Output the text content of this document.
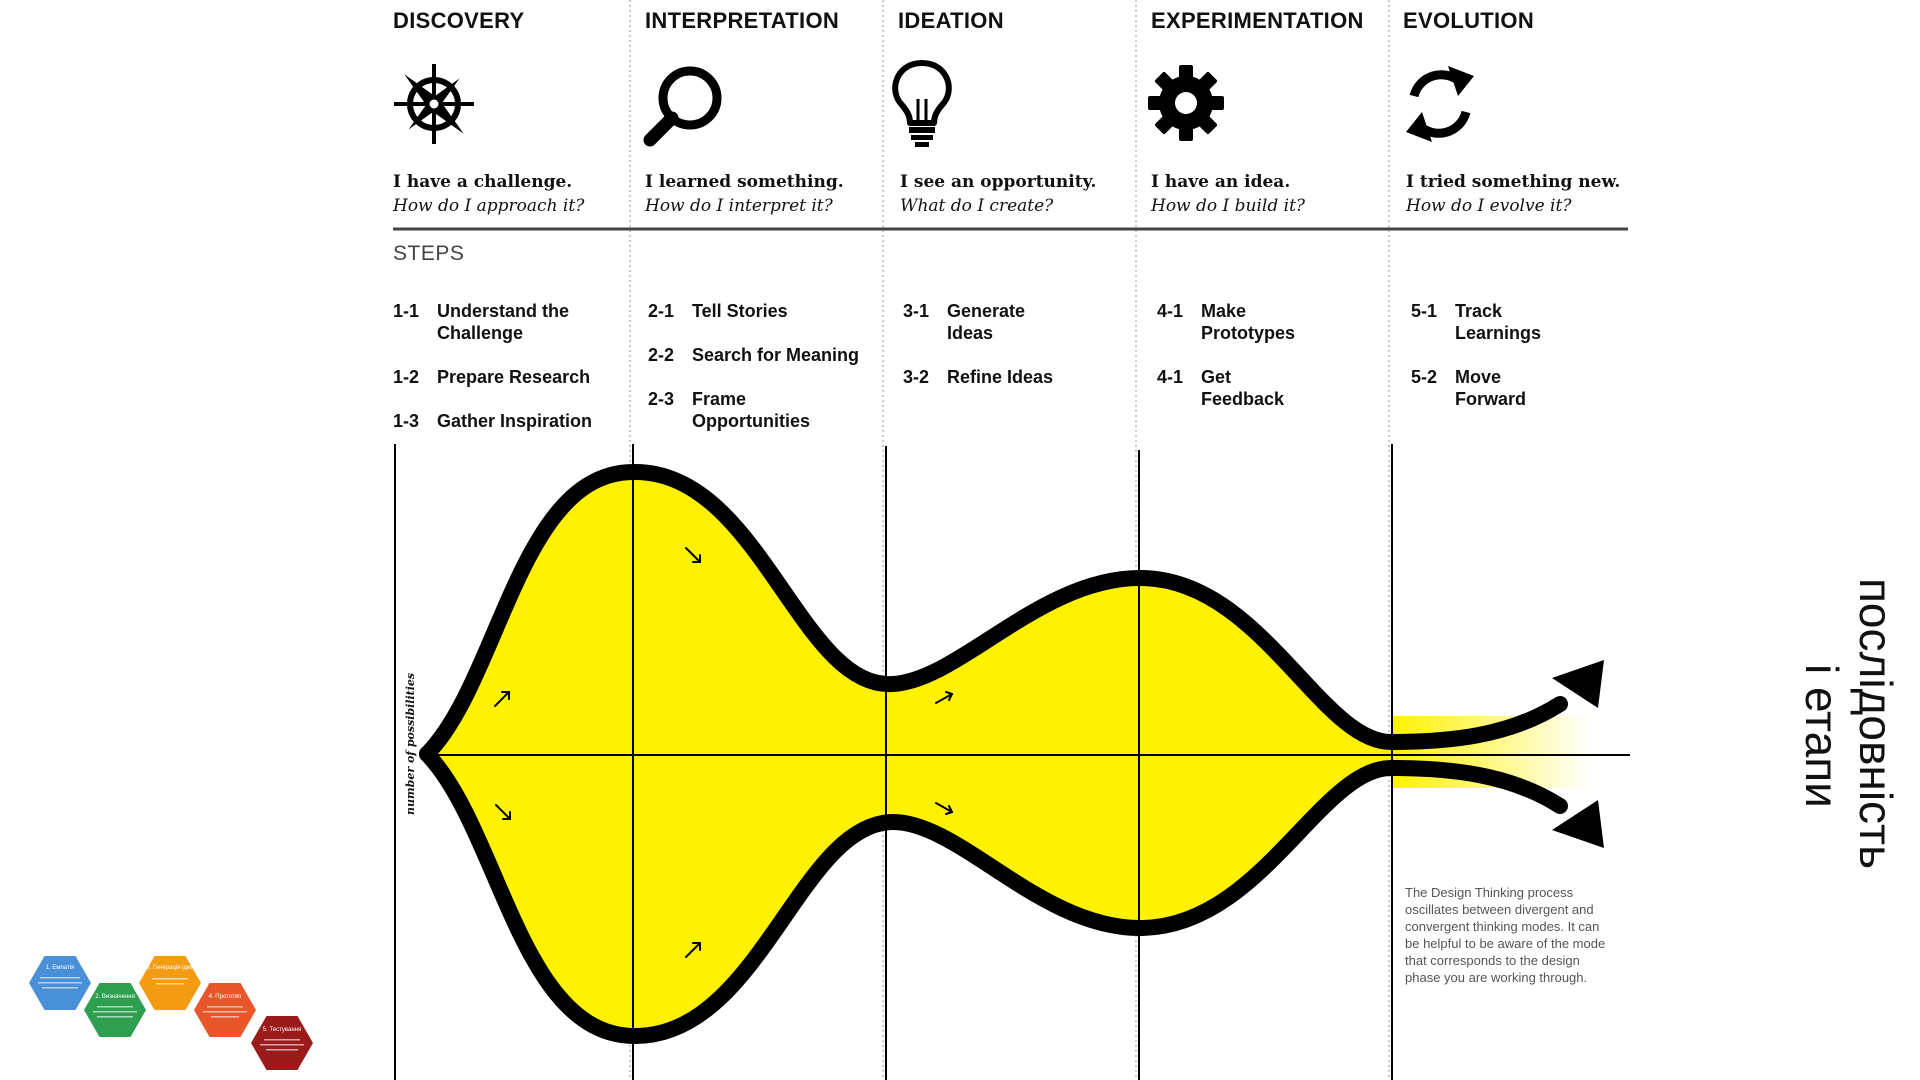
DISCOVERY	INTERPRETATION	IDEATION	EXPERIMENTATION EVOLUTION
I have a challenge.
How do I approach it?
I learned something.
How do I interpret it?
I see an opportunity.
What do I create?
I have an idea.
How do I build it?
I tried something new.
How do I evolve it?
STEPS
1-1 Understand the
Challenge
1-2 Prepare Research
1-3 Gather Inspiration
2-1 Tell Stories
2-2 Search for Meaning
2-3 Frame
Opportunities
3-1 Generate
Ideas
3-2 Refine Ideas
4-1 Make
Prototypes
4-1 Get
Feedback
5-1 Track
Learnings
5-2 Move
Forward
number of possibilities
The Design Thinking process
oscillates between divergent and
convergent thinking modes. It can
be helpful to be aware of the mode
that corresponds to the design
phase you are working through.
послідовність
і етапи
1. Емпатія
2. Визначення
3. Генерація ідей
4. Прототип
5. Тестування
